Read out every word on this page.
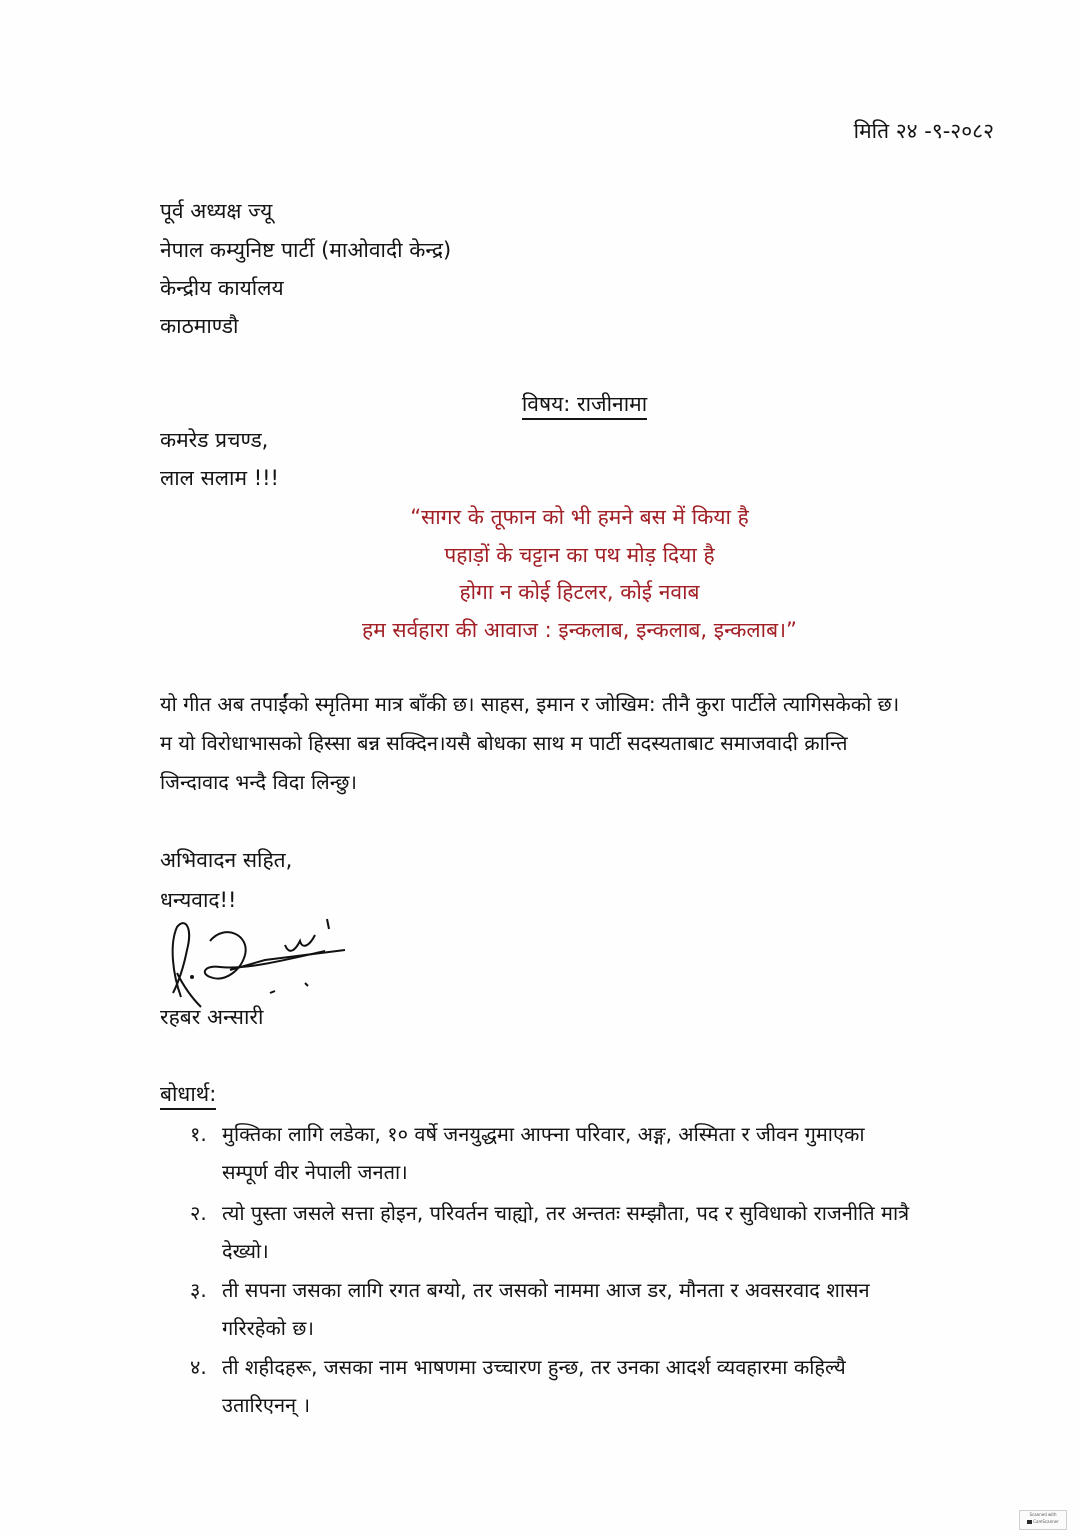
मिति २४ -९-२०८२
पूर्व अध्यक्ष ज्यू
नेपाल कम्युनिष्ट पार्टी (माओवादी केन्द्र)
केन्द्रीय कार्यालय
काठमाण्डौ
विषय: राजीनामा
कमरेड प्रचण्ड,
लाल सलाम !!!
“सागर के तूफान को भी हमने बस में किया है
पहाड़ों के चट्टान का पथ मोड़ दिया है
होगा न कोई हिटलर, कोई नवाब
हम सर्वहारा की आवाज : इन्कलाब, इन्कलाब, इन्कलाब।”
यो गीत अब तपाईंको स्मृतिमा मात्र बाँकी छ। साहस, इमान र जोखिम: तीनै कुरा पार्टीले त्यागिसकेको छ।
म यो विरोधाभासको हिस्सा बन्न सक्दिन।यसै बोधका साथ म पार्टी सदस्यताबाट समाजवादी क्रान्ति
जिन्दावाद भन्दै विदा लिन्छु।
अभिवादन सहित,
धन्यवाद!!
रहबर अन्सारी
बोधार्थ:
१. मुक्तिका लागि लडेका, १० वर्षे जनयुद्धमा आफ्ना परिवार, अङ्ग, अस्मिता र जीवन गुमाएका
सम्पूर्ण वीर नेपाली जनता।
२. त्यो पुस्ता जसले सत्ता होइन, परिवर्तन चाह्यो, तर अन्ततः सम्झौता, पद र सुविधाको राजनीति मात्रै
देख्यो।
३. ती सपना जसका लागि रगत बग्यो, तर जसको नाममा आज डर, मौनता र अवसरवाद शासन
गरिरहेको छ।
४. ती शहीदहरू, जसका नाम भाषणमा उच्चारण हुन्छ, तर उनका आदर्श व्यवहारमा कहिल्यै
उतारिएनन् ।
Scanned with
CamScanner
